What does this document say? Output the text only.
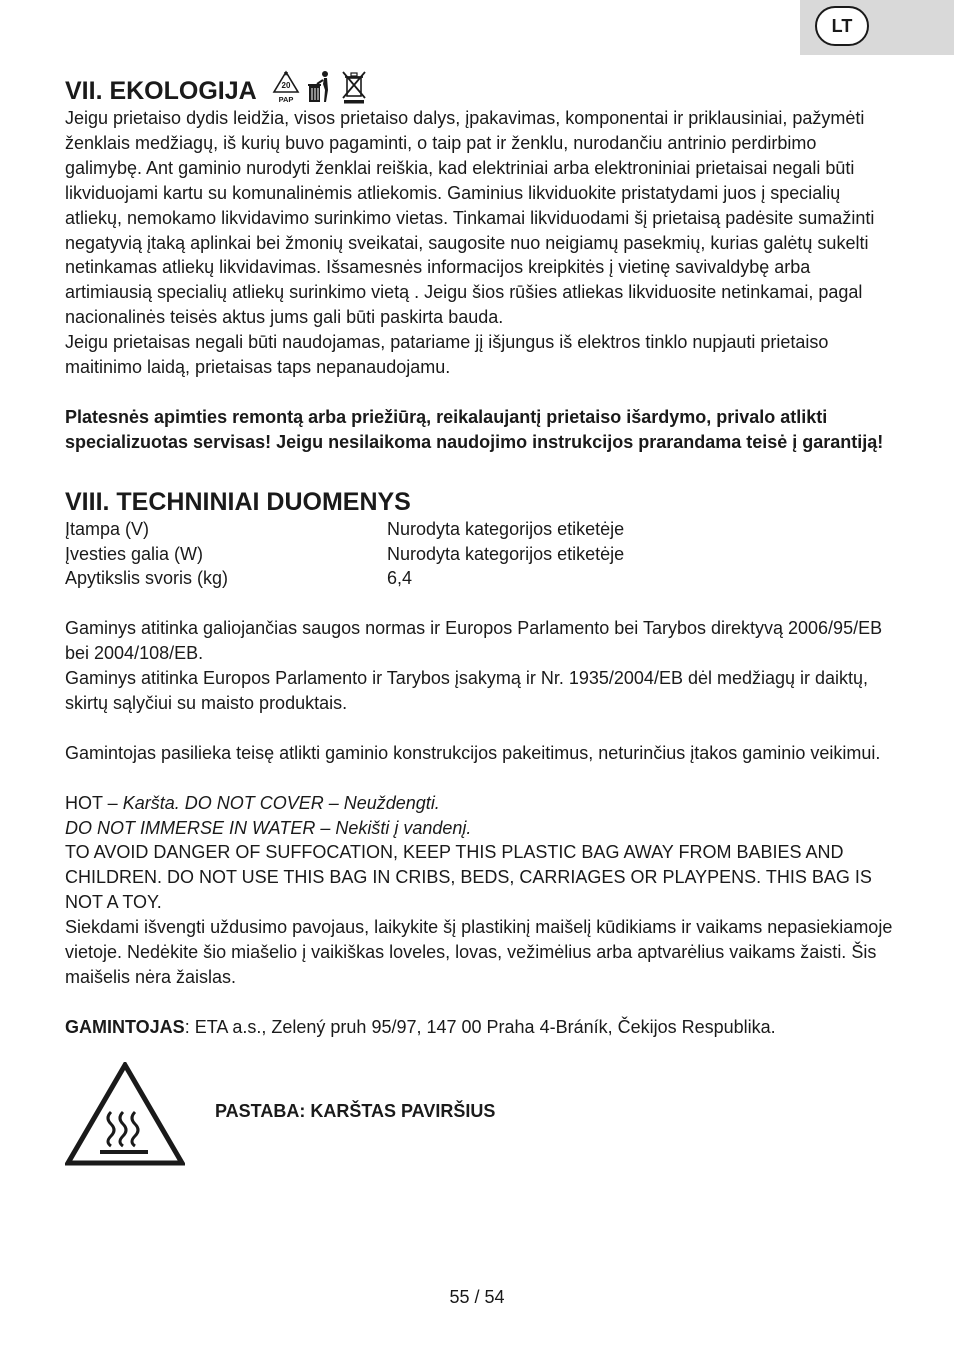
LT
VII. EKOLOGIJA	20
PAP

Jeigu prietaiso dydis leidžia, visos prietaiso dalys, įpakavimas, komponentai ir priklausiniai, pažymėti ženklais medžiagų, iš kurių buvo pagaminti, o taip pat ir ženklu, nurodančiu antrinio perdirbimo galimybę. Ant gaminio nurodyti ženklai reiškia, kad elektriniai arba elektroniniai prietaisai negali būti likviduojami kartu su komunalinėmis atliekomis. Gaminius likviduokite pristatydami juos į specialių atliekų, nemokamo likvidavimo surinkimo vietas. Tinkamai likviduodami šį prietaisą padėsite sumažinti negatyvią įtaką aplinkai bei žmonių sveikatai, saugosite nuo neigiamų pasekmių, kurias galėtų sukelti netinkamas atliekų likvidavimas. Išsamesnės informacijos kreipkitės į vietinę savivaldybę arba artimiausią specialių atliekų surinkimo vietą . Jeigu šios rūšies atliekas likviduosite netinkamai, pagal nacionalinės teisės aktus jums gali būti paskirta bauda.

Jeigu prietaisas negali būti naudojamas, patariame jį išjungus iš elektros tinklo nupjauti prietaiso maitinimo laidą, prietaisas taps nepanaudojamu.

Platesnės apimties remontą arba priežiūrą, reikalaujantį prietaiso išardymo, privalo atlikti specializuotas servisas! Jeigu nesilaikoma naudojimo instrukcijos prarandama teisė į garantiją!

VIII. TECHNINIAI DUOMENYS
Įtampa (V)	Nurodyta kategorijos etiketėje
Įvesties galia (W)	Nurodyta kategorijos etiketėje
Apytikslis svoris (kg)	6,4

Gaminys atitinka galiojančias saugos normas ir Europos Parlamento bei Tarybos direktyvą 2006/95/EB bei 2004/108/EB.

Gaminys atitinka Europos Parlamento ir Tarybos įsakymą ir Nr. 1935/2004/EB dėl medžiagų ir daiktų, skirtų sąlyčiui su maisto produktais.

Gamintojas pasilieka teisę atlikti gaminio konstrukcijos pakeitimus, neturinčius įtakos gaminio veikimui.

HOT – Karšta. DO NOT COVER – Neuždengti.

DO NOT IMMERSE IN WATER – Nekišti į vandenį.

TO AVOID DANGER OF SUFFOCATION, KEEP THIS PLASTIC BAG AWAY FROM BABIES AND CHILDREN. DO NOT USE THIS BAG IN CRIBS, BEDS, CARRIAGES OR PLAYPENS. THIS BAG IS NOT A TOY.

Siekdami išvengti uždusimo pavojaus, laikykite šį plastikinį maišelį kūdikiams ir vaikams nepasiekiamoje vietoje. Nedėkite šio miašelio į vaikiškas loveles, lovas, vežimėlius arba aptvarėlius vaikams žaisti. Šis maišelis nėra žaislas.

GAMINTOJAS: ETA a.s., Zelený pruh 95/97, 147 00 Praha 4-Bráník, Čekijos Respublika.

PASTABA: KARŠTAS PAVIRŠIUS
55 / 54
